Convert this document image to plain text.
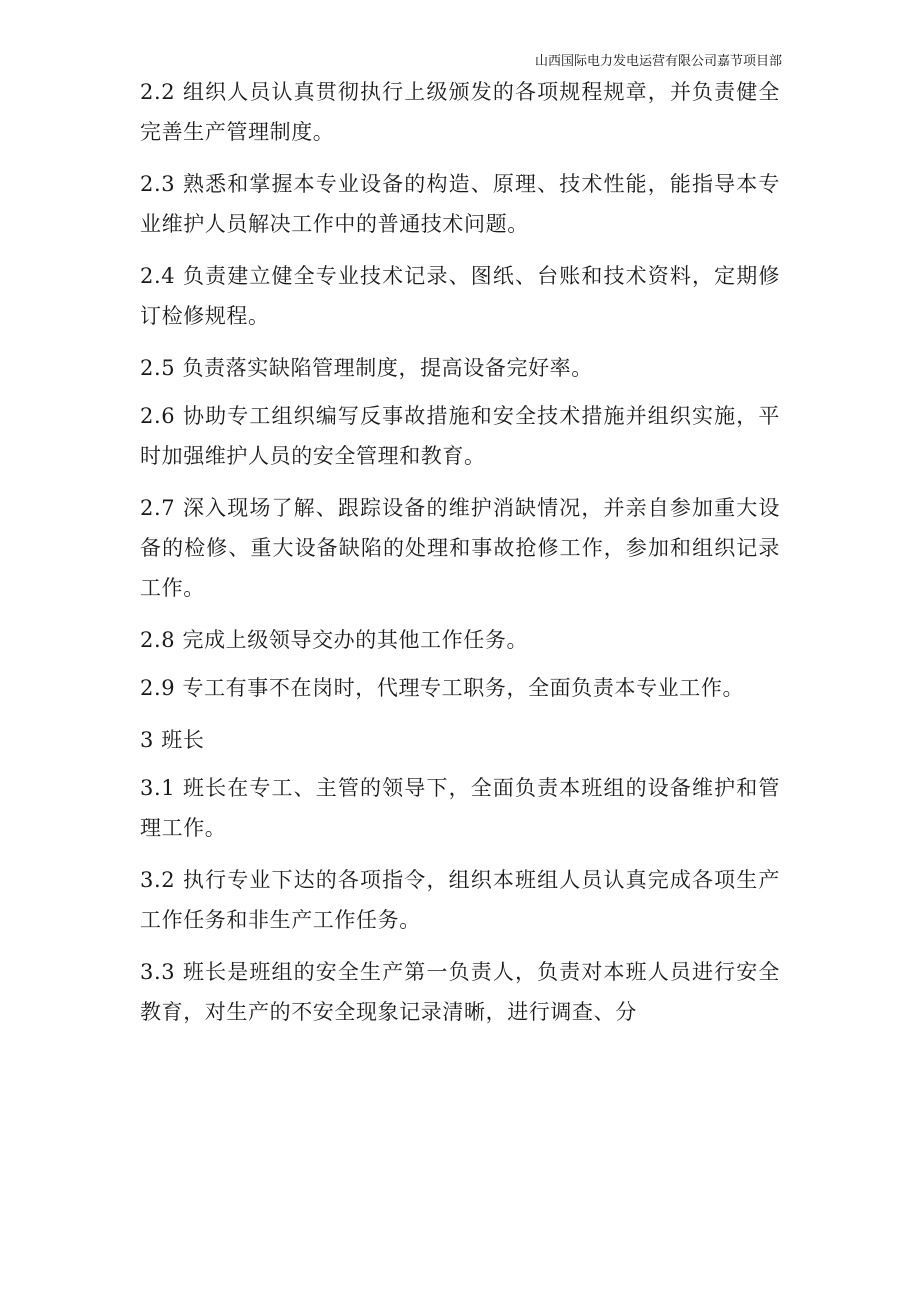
山西国际电力发电运营有限公司嘉节项目部

2.2 组织人员认真贯彻执行上级颁发的各项规程规章，并负责健全完善生产管理制度。

2.3 熟悉和掌握本专业设备的构造、原理、技术性能，能指导本专业维护人员解决工作中的普通技术问题。

2.4 负责建立健全专业技术记录、图纸、台账和技术资料，定期修订检修规程。

2.5 负责落实缺陷管理制度，提高设备完好率。

2.6 协助专工组织编写反事故措施和安全技术措施并组织实施，平时加强维护人员的安全管理和教育。

2.7 深入现场了解、跟踪设备的维护消缺情况，并亲自参加重大设备的检修、重大设备缺陷的处理和事故抢修工作，参加和组织记录工作。

2.8 完成上级领导交办的其他工作任务。

2.9 专工有事不在岗时，代理专工职务，全面负责本专业工作。

3 班长

3.1 班长在专工、主管的领导下，全面负责本班组的设备维护和管理工作。

3.2 执行专业下达的各项指令，组织本班组人员认真完成各项生产工作任务和非生产工作任务。

3.3 班长是班组的安全生产第一负责人，负责对本班人员进行安全教育，对生产的不安全现象记录清晰，进行调查、分
